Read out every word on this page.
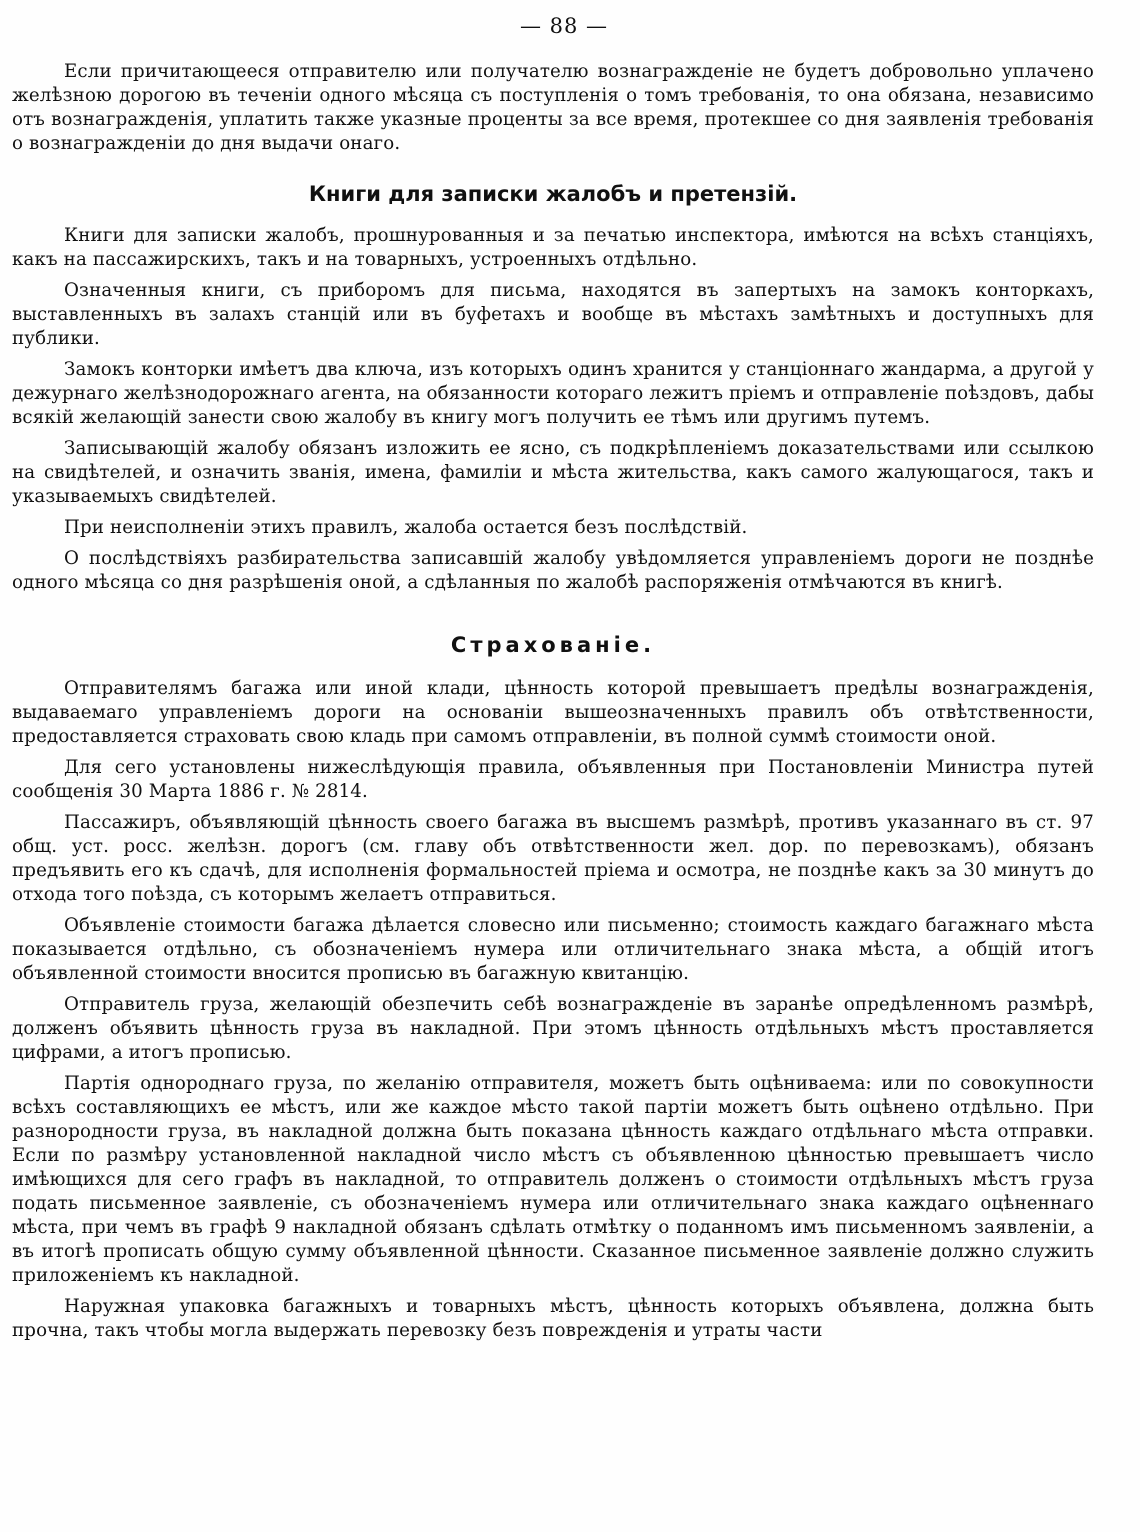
— 88 —

Если причитающееся отправителю или получателю вознагражденіе не будетъ добровольно уплачено желѣзною дорогою въ теченіи одного мѣсяца съ поступленія о томъ требованія, то она обязана, независимо отъ вознагражденія, уплатить также указные проценты за все время, протекшее со дня заявленія требованія о вознагражденіи до дня выдачи онаго.

Книги для записки жалобъ и претензій.

Книги для записки жалобъ, прошнурованныя и за печатью инспектора, имѣются на всѣхъ станціяхъ, какъ на пассажирскихъ, такъ и на товарныхъ, устроенныхъ отдѣльно.

Означенныя книги, съ приборомъ для письма, находятся въ запертыхъ на замокъ конторкахъ, выставленныхъ въ залахъ станцій или въ буфетахъ и вообще въ мѣстахъ замѣтныхъ и доступныхъ для публики.

Замокъ конторки имѣетъ два ключа, изъ которыхъ одинъ хранится у станціоннаго жандарма, а другой у дежурнаго желѣзнодорожнаго агента, на обязанности котораго лежитъ пріемъ и отправленіе поѣздовъ, дабы всякій желающій занести свою жалобу въ книгу могъ получить ее тѣмъ или другимъ путемъ.

Записывающій жалобу обязанъ изложить ее ясно, съ подкрѣпленіемъ доказательствами или ссылкою на свидѣтелей, и означить званія, имена, фамиліи и мѣста жительства, какъ самого жалующагося, такъ и указываемыхъ свидѣтелей.

При неисполненіи этихъ правилъ, жалоба остается безъ послѣдствій.

О послѣдствіяхъ разбирательства записавшій жалобу увѣдомляется управленіемъ дороги не позднѣе одного мѣсяца со дня разрѣшенія оной, а сдѣланныя по жалобѣ распоряженія отмѣчаются въ книгѣ.

Страхованіе.

Отправителямъ багажа или иной клади, цѣнность которой превышаетъ предѣлы вознагражденія, выдаваемаго управленіемъ дороги на основаніи вышеозначенныхъ правилъ объ отвѣтственности, предоставляется страховать свою кладь при самомъ отправленіи, въ полной суммѣ стоимости оной.

Для сего установлены нижеслѣдующія правила, объявленныя при Постановленіи Министра путей сообщенія 30 Марта 1886 г. № 2814.

Пассажиръ, объявляющій цѣнность своего багажа въ высшемъ размѣрѣ, противъ указаннаго въ ст. 97 общ. уст. росс. желѣзн. дорогъ (см. главу объ отвѣтственности жел. дор. по перевозкамъ), обязанъ предъявить его къ сдачѣ, для исполненія формальностей пріема и осмотра, не позднѣе какъ за 30 минутъ до отхода того поѣзда, съ которымъ желаетъ отправиться.

Объявленіе стоимости багажа дѣлается словесно или письменно; стоимость каждаго багажнаго мѣста показывается отдѣльно, съ обозначеніемъ нумера или отличительнаго знака мѣста, а общій итогъ объявленной стоимости вносится прописью въ багажную квитанцію.

Отправитель груза, желающій обезпечить себѣ вознагражденіе въ заранѣе опредѣленномъ размѣрѣ, долженъ объявить цѣнность груза въ накладной. При этомъ цѣнность отдѣльныхъ мѣстъ проставляется цифрами, а итогъ прописью.

Партія однороднаго груза, по желанію отправителя, можетъ быть оцѣниваема: или по совокупности всѣхъ составляющихъ ее мѣстъ, или же каждое мѣсто такой партіи можетъ быть оцѣнено отдѣльно. При разнородности груза, въ накладной должна быть показана цѣнность каждаго отдѣльнаго мѣста отправки. Если по размѣру установленной накладной число мѣстъ съ объявленною цѣнностью превышаетъ число имѣющихся для сего графъ въ накладной, то отправитель долженъ о стоимости отдѣльныхъ мѣстъ груза подать письменное заявленіе, съ обозначеніемъ нумера или отличительнаго знака каждаго оцѣненнаго мѣста, при чемъ въ графѣ 9 накладной обязанъ сдѣлать отмѣтку о поданномъ имъ письменномъ заявленіи, а въ итогѣ прописать общую сумму объявленной цѣнности. Сказанное письменное заявленіе должно служить приложеніемъ къ накладной.

Наружная упаковка багажныхъ и товарныхъ мѣстъ, цѣнность которыхъ объявлена, должна быть прочна, такъ чтобы могла выдержать перевозку безъ поврежденія и утраты части
